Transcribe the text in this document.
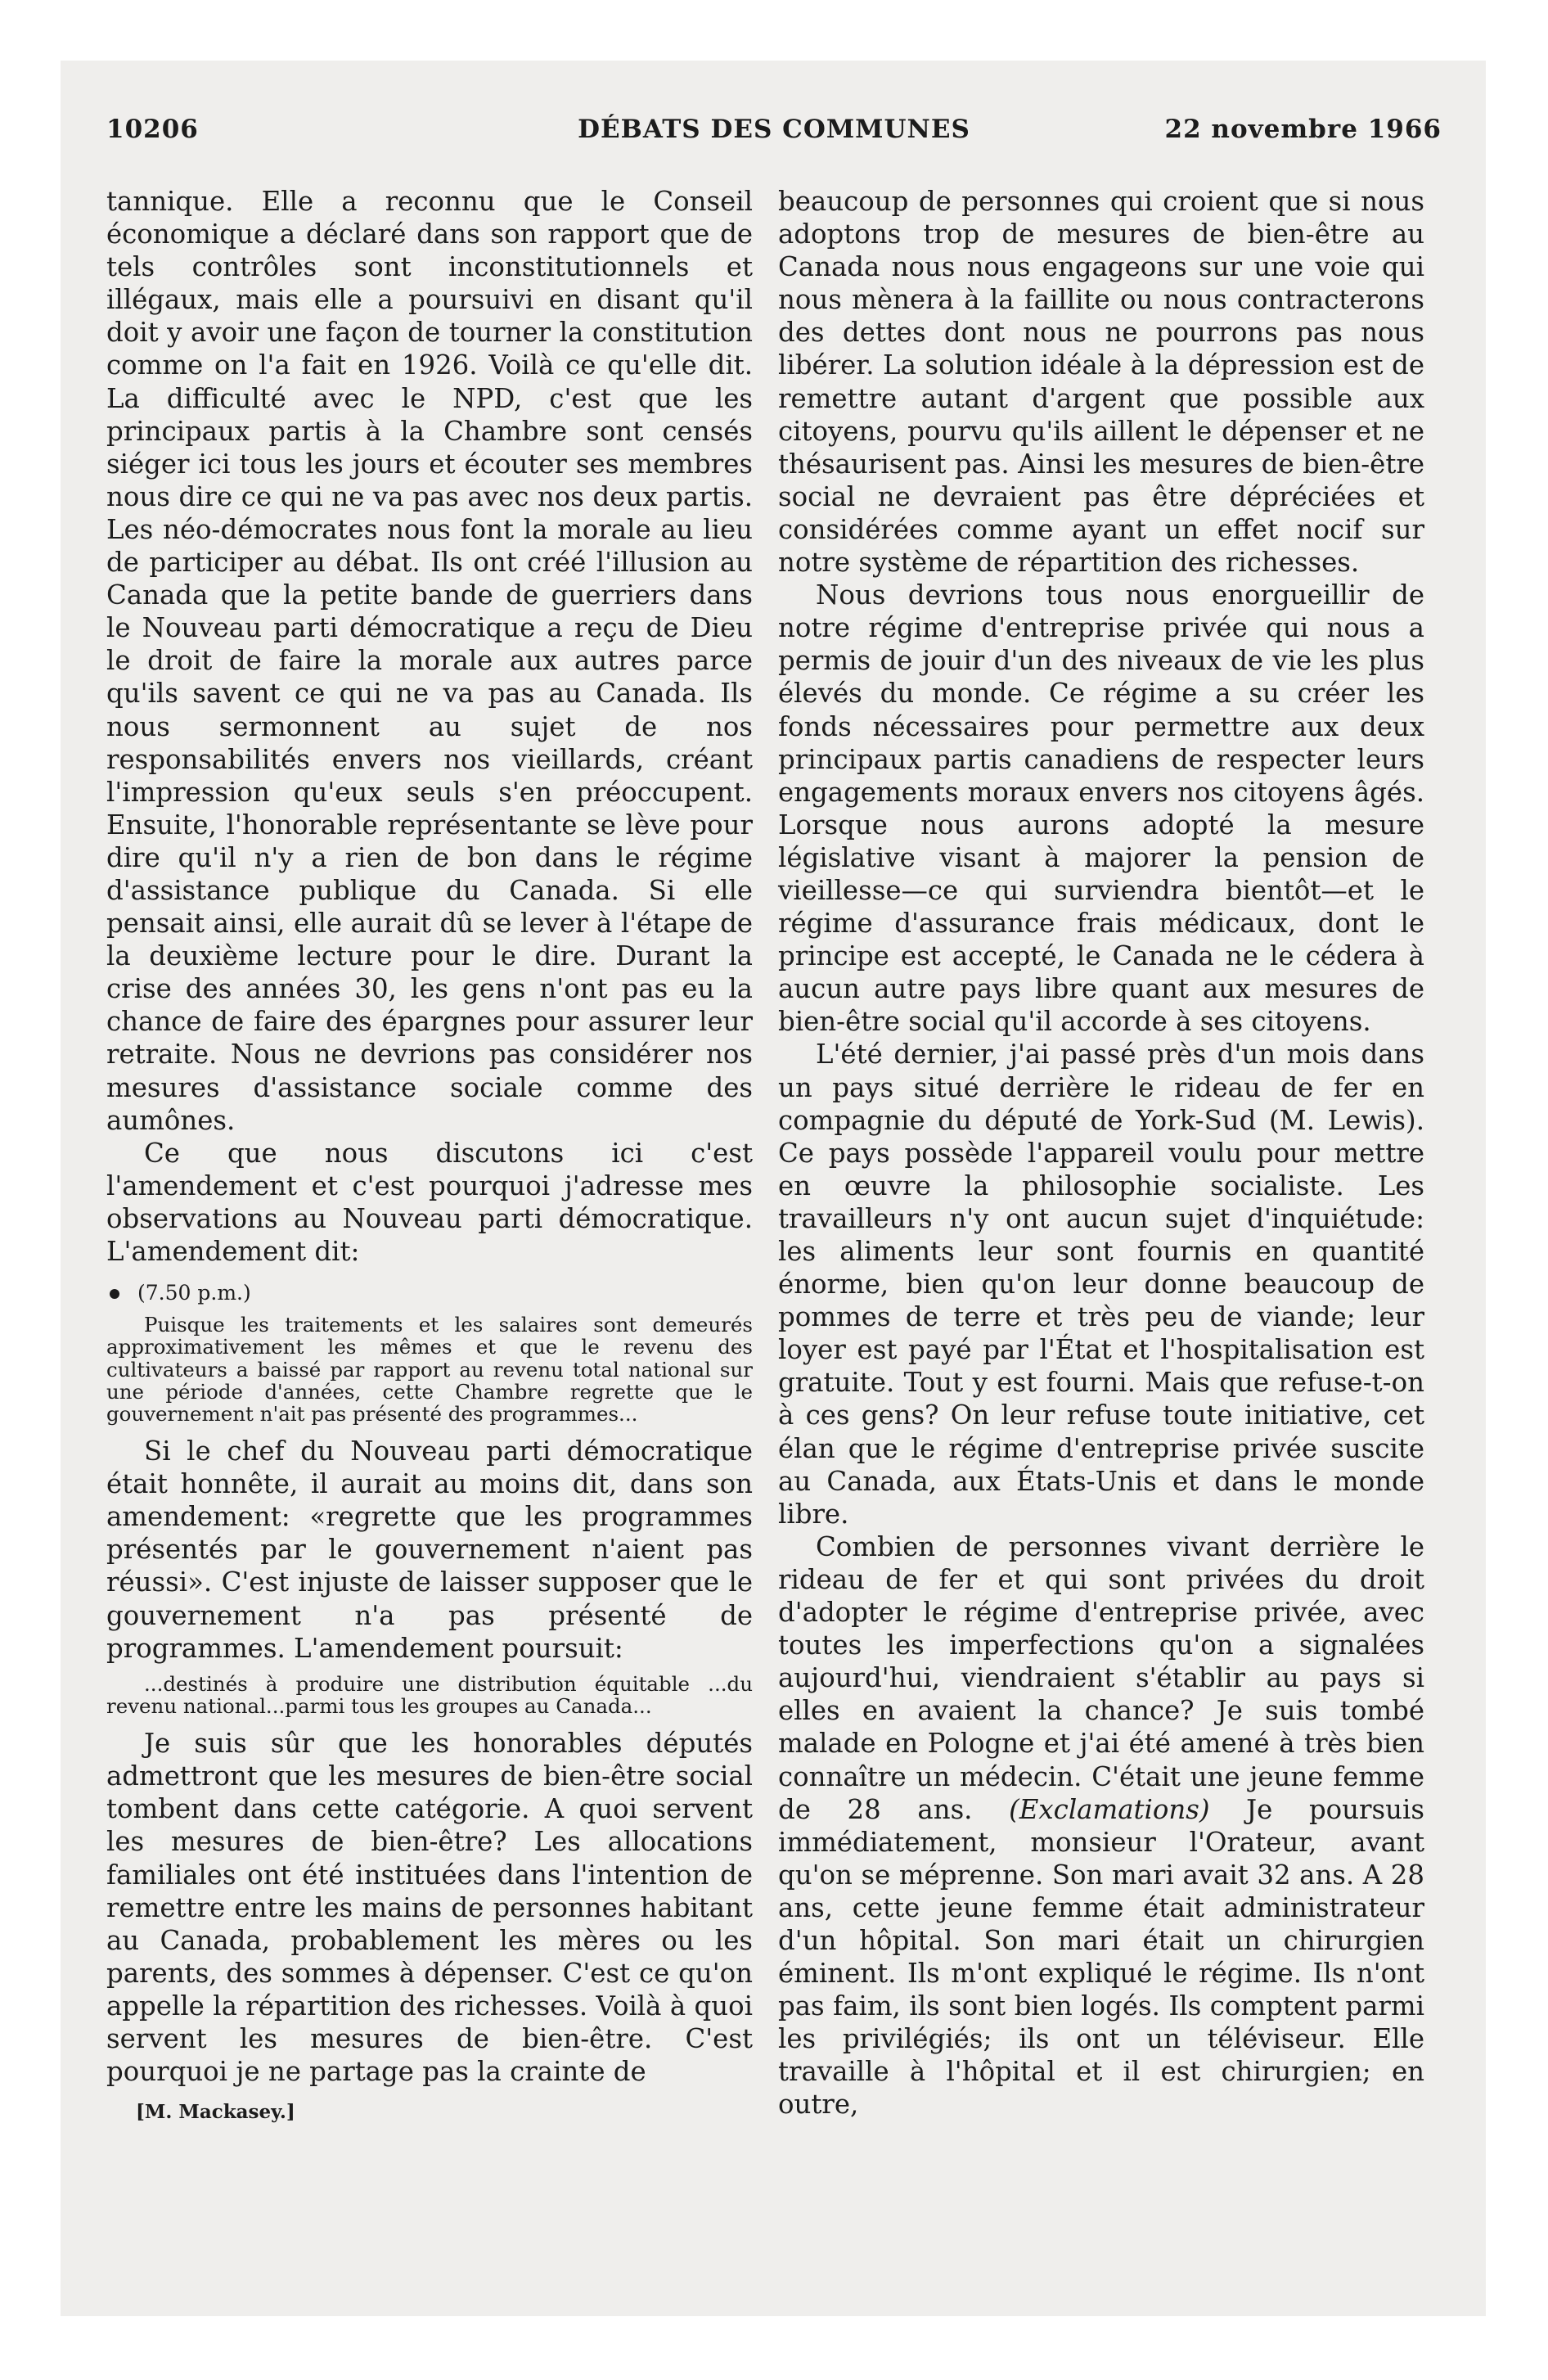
10206	DÉBATS DES COMMUNES	22 novembre 1966

tannique. Elle a reconnu que le Conseil économique a déclaré dans son rapport que de tels contrôles sont inconstitutionnels et illégaux, mais elle a poursuivi en disant qu'il doit y avoir une façon de tourner la constitution comme on l'a fait en 1926. Voilà ce qu'elle dit. La difficulté avec le NPD, c'est que les principaux partis à la Chambre sont censés siéger ici tous les jours et écouter ses membres nous dire ce qui ne va pas avec nos deux partis. Les néo-démocrates nous font la morale au lieu de participer au débat. Ils ont créé l'illusion au Canada que la petite bande de guerriers dans le Nouveau parti démocratique a reçu de Dieu le droit de faire la morale aux autres parce qu'ils savent ce qui ne va pas au Canada. Ils nous sermonnent au sujet de nos responsabilités envers nos vieillards, créant l'impression qu'eux seuls s'en préoccupent. Ensuite, l'honorable représentante se lève pour dire qu'il n'y a rien de bon dans le régime d'assistance publique du Canada. Si elle pensait ainsi, elle aurait dû se lever à l'étape de la deuxième lecture pour le dire. Durant la crise des années 30, les gens n'ont pas eu la chance de faire des épargnes pour assurer leur retraite. Nous ne devrions pas considérer nos mesures d'assistance sociale comme des aumônes.

Ce que nous discutons ici c'est l'amendement et c'est pourquoi j'adresse mes observations au Nouveau parti démocratique. L'amendement dit:

(7.50 p.m.)
Puisque les traitements et les salaires sont demeurés approximativement les mêmes et que le revenu des cultivateurs a baissé par rapport au revenu total national sur une période d'années, cette Chambre regrette que le gouvernement n'ait pas présenté des programmes...

Si le chef du Nouveau parti démocratique était honnête, il aurait au moins dit, dans son amendement: «regrette que les programmes présentés par le gouvernement n'aient pas réussi». C'est injuste de laisser supposer que le gouvernement n'a pas présenté de programmes. L'amendement poursuit:

...destinés à produire une distribution équitable ...du revenu national...parmi tous les groupes au Canada...

Je suis sûr que les honorables députés admettront que les mesures de bien-être social tombent dans cette catégorie. A quoi servent les mesures de bien-être? Les allocations familiales ont été instituées dans l'intention de remettre entre les mains de personnes habitant au Canada, probablement les mères ou les parents, des sommes à dépenser. C'est ce qu'on appelle la répartition des richesses. Voilà à quoi servent les mesures de bien-être. C'est pourquoi je ne partage pas la crainte de

[M. Mackasey.]

beaucoup de personnes qui croient que si nous adoptons trop de mesures de bien-être au Canada nous nous engageons sur une voie qui nous mènera à la faillite ou nous contracterons des dettes dont nous ne pourrons pas nous libérer. La solution idéale à la dépression est de remettre autant d'argent que possible aux citoyens, pourvu qu'ils aillent le dépenser et ne thésaurisent pas. Ainsi les mesures de bien-être social ne devraient pas être dépréciées et considérées comme ayant un effet nocif sur notre système de répartition des richesses.

Nous devrions tous nous enorgueillir de notre régime d'entreprise privée qui nous a permis de jouir d'un des niveaux de vie les plus élevés du monde. Ce régime a su créer les fonds nécessaires pour permettre aux deux principaux partis canadiens de respecter leurs engagements moraux envers nos citoyens âgés. Lorsque nous aurons adopté la mesure législative visant à majorer la pension de vieillesse—ce qui surviendra bientôt—et le régime d'assurance frais médicaux, dont le principe est accepté, le Canada ne le cédera à aucun autre pays libre quant aux mesures de bien-être social qu'il accorde à ses citoyens.

L'été dernier, j'ai passé près d'un mois dans un pays situé derrière le rideau de fer en compagnie du député de York-Sud (M. Lewis). Ce pays possède l'appareil voulu pour mettre en œuvre la philosophie socialiste. Les travailleurs n'y ont aucun sujet d'inquiétude: les aliments leur sont fournis en quantité énorme, bien qu'on leur donne beaucoup de pommes de terre et très peu de viande; leur loyer est payé par l'État et l'hospitalisation est gratuite. Tout y est fourni. Mais que refuse-t-on à ces gens? On leur refuse toute initiative, cet élan que le régime d'entreprise privée suscite au Canada, aux États-Unis et dans le monde libre.

Combien de personnes vivant derrière le rideau de fer et qui sont privées du droit d'adopter le régime d'entreprise privée, avec toutes les imperfections qu'on a signalées aujourd'hui, viendraient s'établir au pays si elles en avaient la chance? Je suis tombé malade en Pologne et j'ai été amené à très bien connaître un médecin. C'était une jeune femme de 28 ans. (Exclamations) Je poursuis immédiatement, monsieur l'Orateur, avant qu'on se méprenne. Son mari avait 32 ans. A 28 ans, cette jeune femme était administrateur d'un hôpital. Son mari était un chirurgien éminent. Ils m'ont expliqué le régime. Ils n'ont pas faim, ils sont bien logés. Ils comptent parmi les privilégiés; ils ont un téléviseur. Elle travaille à l'hôpital et il est chirurgien; en outre,
